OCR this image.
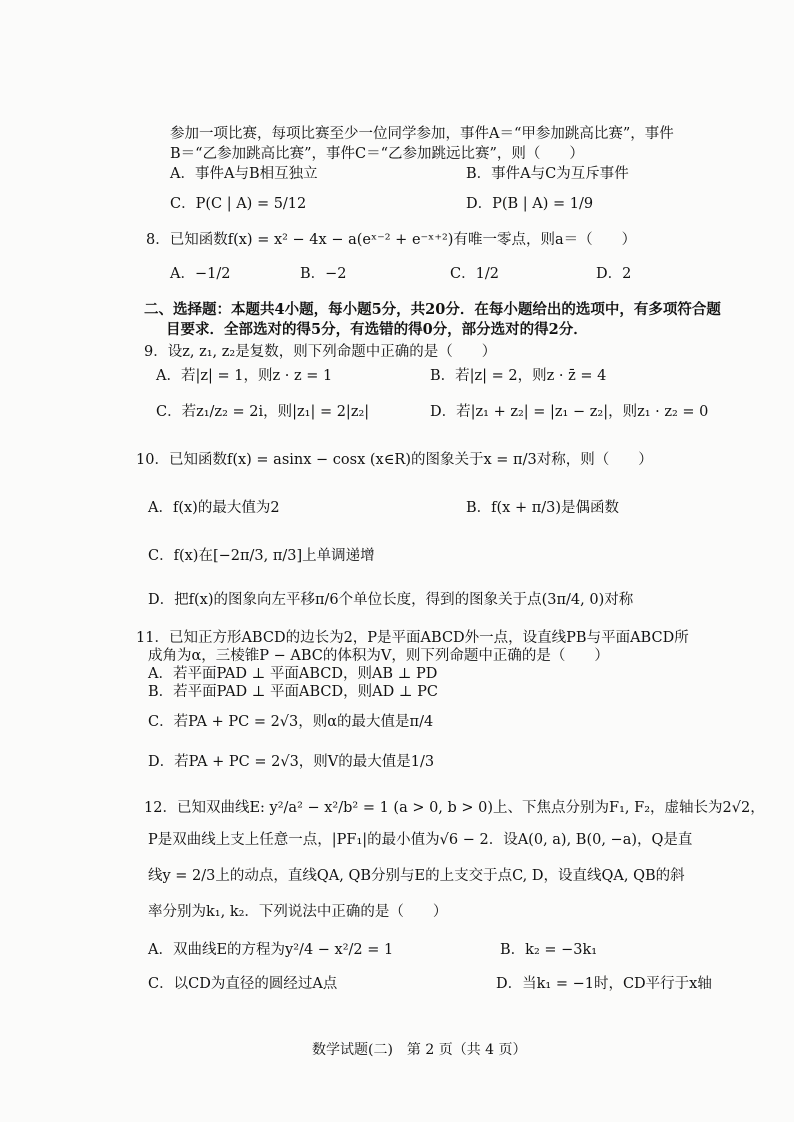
参加一项比赛，每项比赛至少一位同学参加，事件A＝“甲参加跳高比赛”，事件
B＝“乙参加跳高比赛”，事件C＝“乙参加跳远比赛”，则（　　）
A．事件A与B相互独立	B．事件A与C为互斥事件
C．P(C | A) = 5/12	D．P(B | A) = 1/9
8．已知函数f(x) = x² − 4x − a(eˣ⁻² + e⁻ˣ⁺²)有唯一零点，则a＝（　　）
A．−1/2	B．−2	C．1/2	D．2
二、选择题：本题共4小题，每小题5分，共20分．在每小题给出的选项中，有多项符合题
目要求．全部选对的得5分，有选错的得0分，部分选对的得2分．
9．设z, z₁, z₂是复数，则下列命题中正确的是（　　）
A．若|z| = 1，则z · z = 1	B．若|z| = 2，则z · z̄ = 4
C．若z₁/z₂ = 2i，则|z₁| = 2|z₂|	D．若|z₁ + z₂| = |z₁ − z₂|，则z₁ · z₂ = 0
10．已知函数f(x) = asinx − cosx (x∈R)的图象关于x = π/3对称，则（　　）
A．f(x)的最大值为2	B．f(x + π/3)是偶函数
C．f(x)在[−2π/3, π/3]上单调递增
D．把f(x)的图象向左平移π/6个单位长度，得到的图象关于点(3π/4, 0)对称
11．已知正方形ABCD的边长为2，P是平面ABCD外一点，设直线PB与平面ABCD所
成角为α，三棱锥P − ABC的体积为V，则下列命题中正确的是（　　）
A．若平面PAD ⊥ 平面ABCD，则AB ⊥ PD
B．若平面PAD ⊥ 平面ABCD，则AD ⊥ PC
C．若PA + PC = 2√3，则α的最大值是π/4
D．若PA + PC = 2√3，则V的最大值是1/3
12．已知双曲线E: y²/a² − x²/b² = 1 (a > 0, b > 0)上、下焦点分别为F₁, F₂，虚轴长为2√2，
P是双曲线上支上任意一点，|PF₁|的最小值为√6 − 2．设A(0, a), B(0, −a)，Q是直
线y = 2/3上的动点，直线QA, QB分别与E的上支交于点C, D，设直线QA, QB的斜
率分别为k₁, k₂．下列说法中正确的是（　　）
A．双曲线E的方程为y²/4 − x²/2 = 1	B．k₂ = −3k₁
C．以CD为直径的圆经过A点	D．当k₁ = −1时，CD平行于x轴
数学试题(二)　第 2 页（共 4 页）
